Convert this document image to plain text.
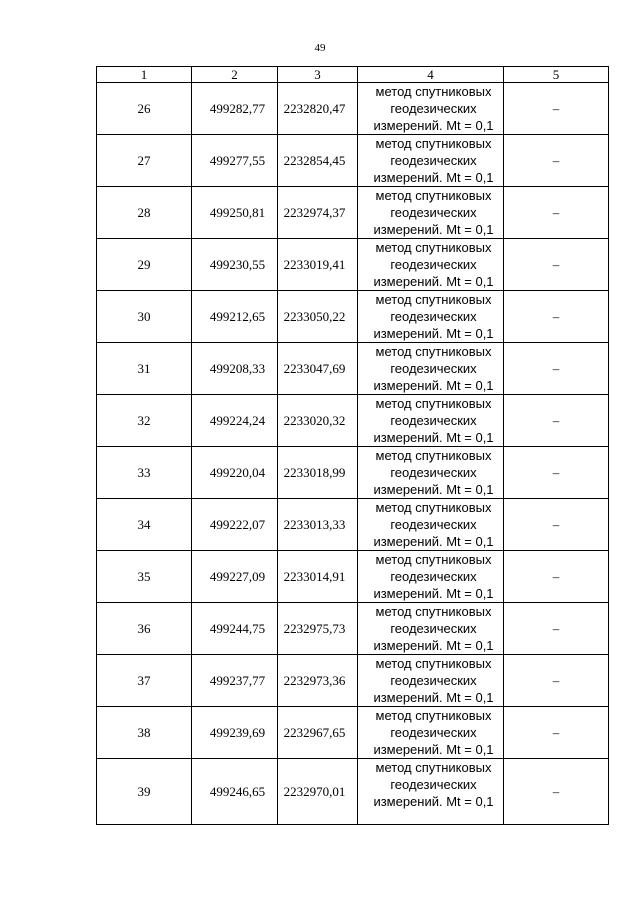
49
1	2	3	4	5
26	499282,77	2232820,47	метод спутниковых
геодезических
измерений. Mt = 0,1	–
27	499277,55	2232854,45	метод спутниковых
геодезических
измерений. Mt = 0,1	–
28	499250,81	2232974,37	метод спутниковых
геодезических
измерений. Mt = 0,1	–
29	499230,55	2233019,41	метод спутниковых
геодезических
измерений. Mt = 0,1	–
30	499212,65	2233050,22	метод спутниковых
геодезических
измерений. Mt = 0,1	–
31	499208,33	2233047,69	метод спутниковых
геодезических
измерений. Mt = 0,1	–
32	499224,24	2233020,32	метод спутниковых
геодезических
измерений. Mt = 0,1	–
33	499220,04	2233018,99	метод спутниковых
геодезических
измерений. Mt = 0,1	–
34	499222,07	2233013,33	метод спутниковых
геодезических
измерений. Mt = 0,1	–
35	499227,09	2233014,91	метод спутниковых
геодезических
измерений. Mt = 0,1	–
36	499244,75	2232975,73	метод спутниковых
геодезических
измерений. Mt = 0,1	–
37	499237,77	2232973,36	метод спутниковых
геодезических
измерений. Mt = 0,1	–
38	499239,69	2232967,65	метод спутниковых
геодезических
измерений. Mt = 0,1	–
39	499246,65	2232970,01	метод спутниковых
геодезических
измерений. Mt = 0,1	–
